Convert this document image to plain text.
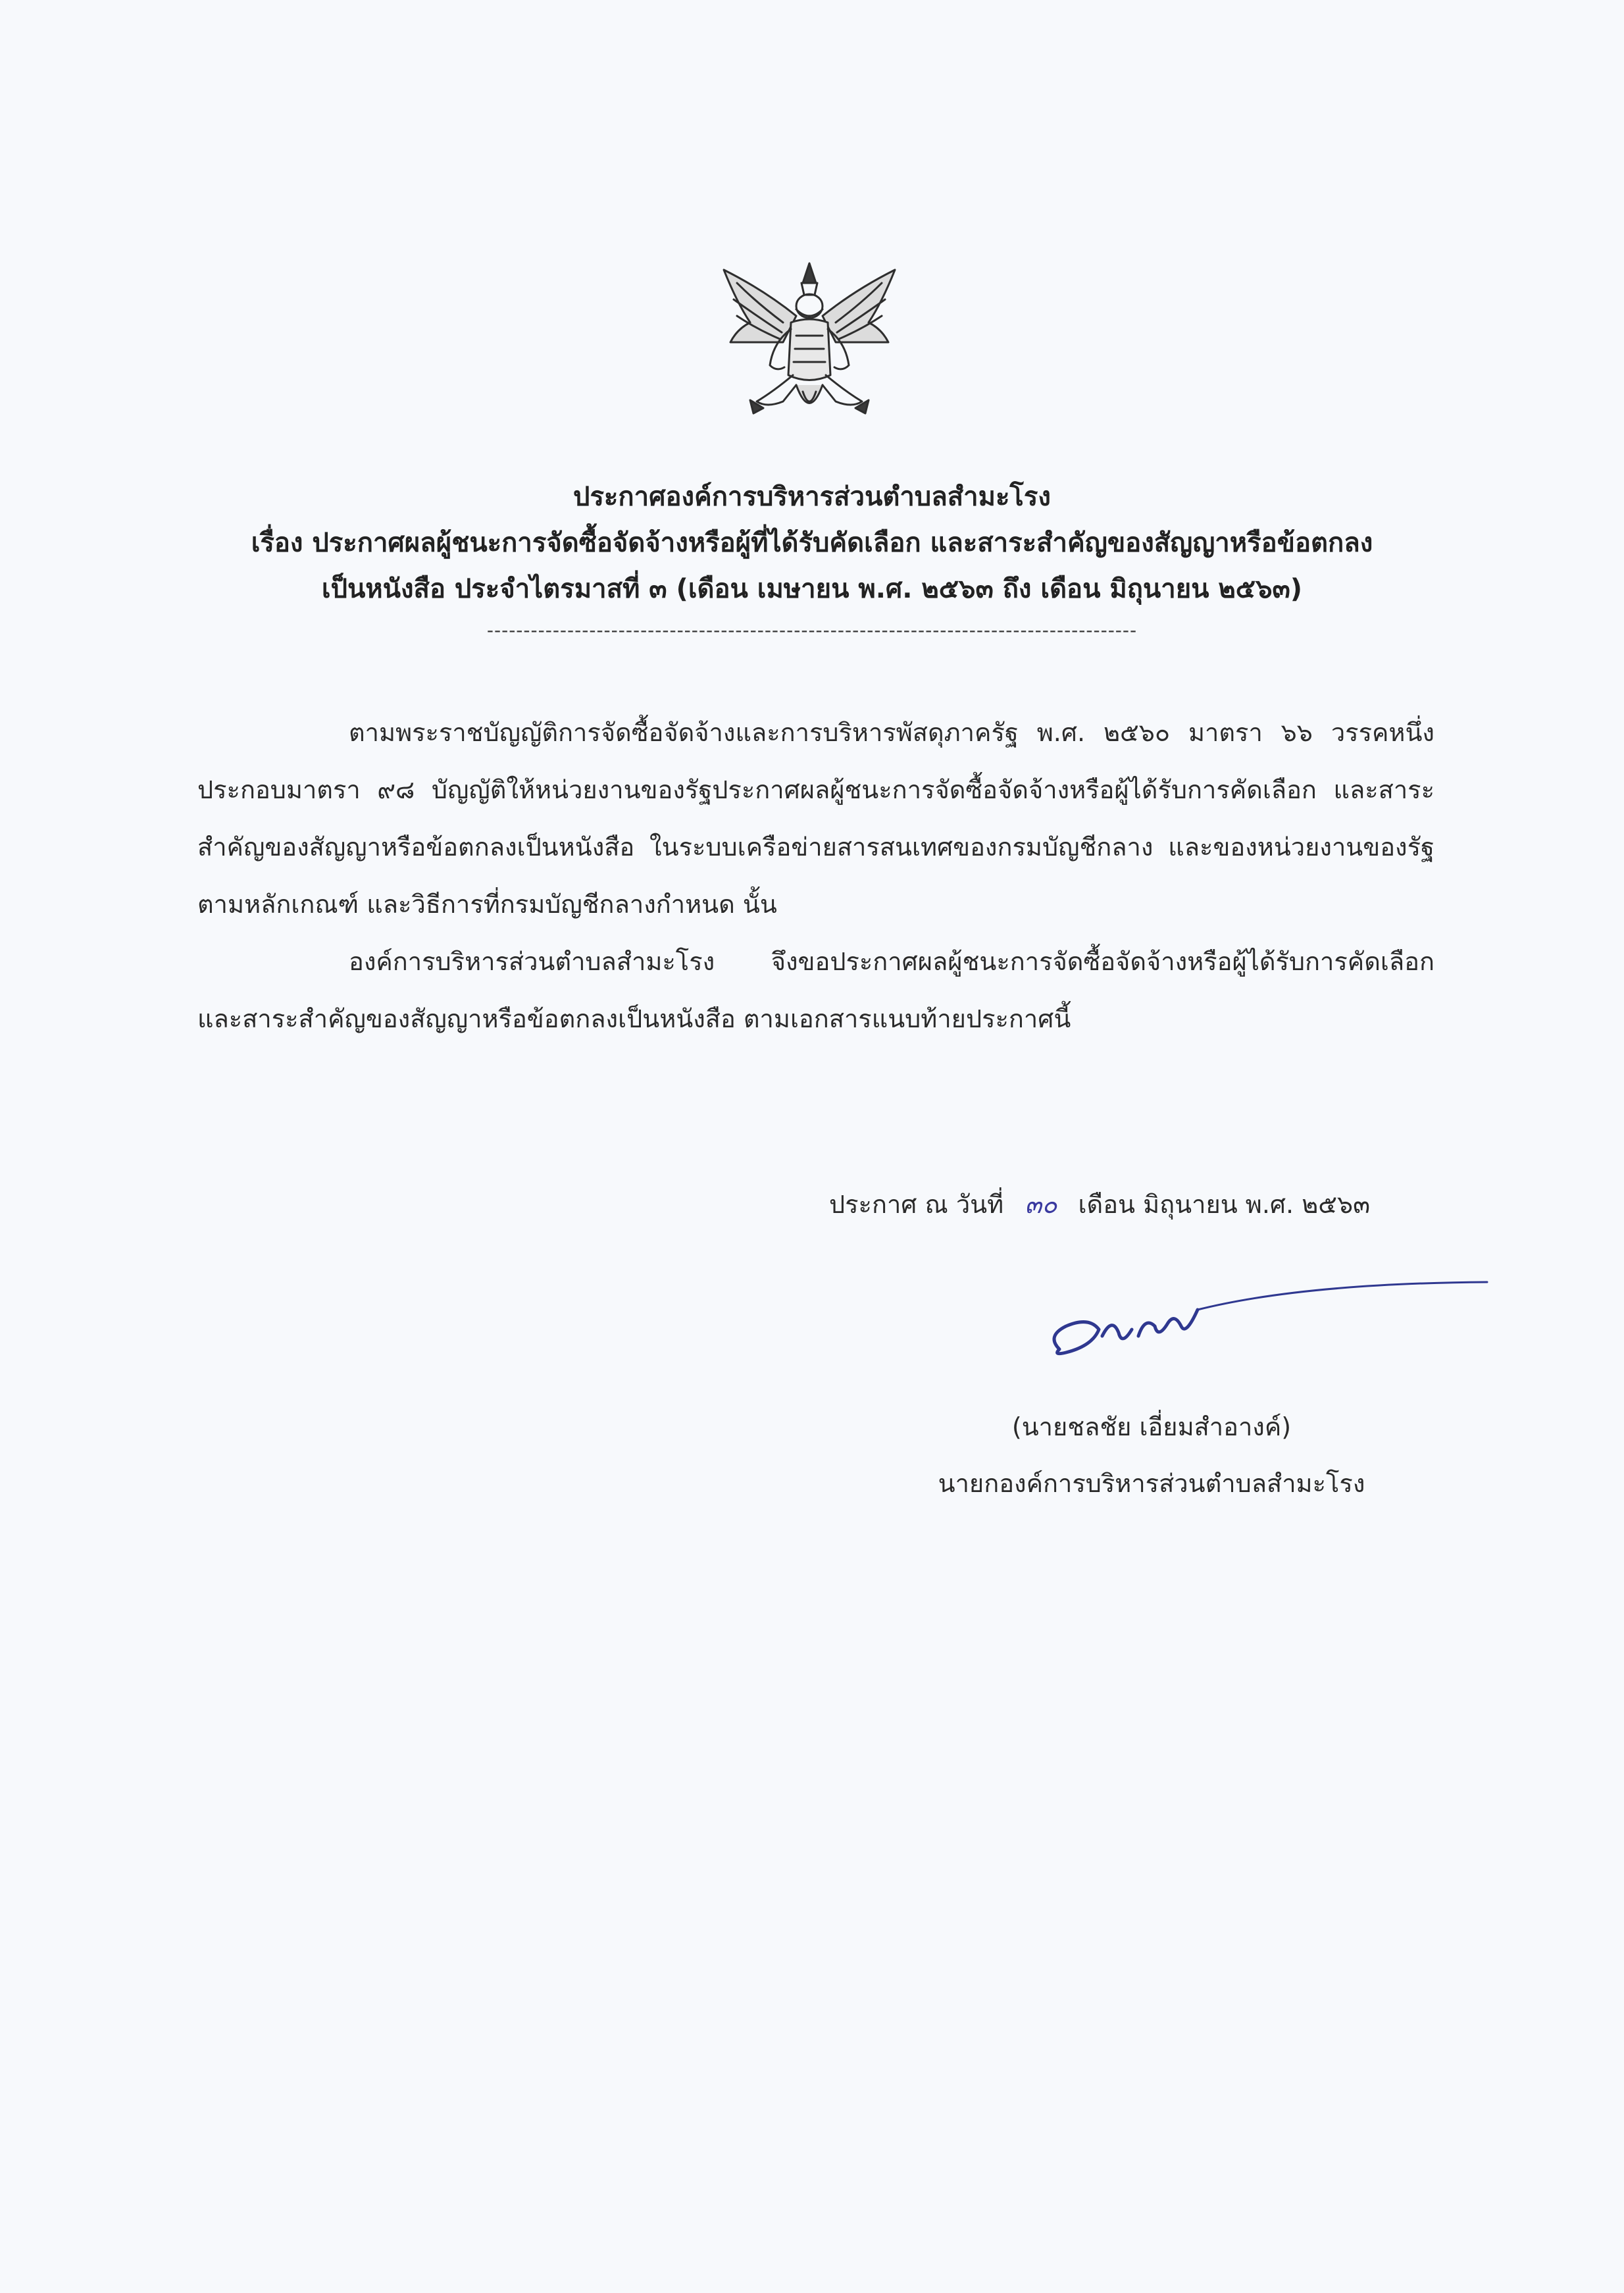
ประกาศองค์การบริหารส่วนตำบลสำมะโรง
เรื่อง ประกาศผลผู้ชนะการจัดซื้อจัดจ้างหรือผู้ที่ได้รับคัดเลือก และสาระสำคัญของสัญญาหรือข้อตกลง
เป็นหนังสือ ประจำไตรมาสที่ ๓ (เดือน เมษายน พ.ศ. ๒๕๖๓ ถึง เดือน มิถุนายน ๒๕๖๓)
-----------------------------------------------------------------------------------------

ตามพระราชบัญญัติการจัดซื้อจัดจ้างและการบริหารพัสดุภาครัฐ พ.ศ. ๒๕๖๐ มาตรา ๖๖ วรรคหนึ่ง ประกอบมาตรา ๙๘ บัญญัติให้หน่วยงานของรัฐประกาศผลผู้ชนะการจัดซื้อจัดจ้างหรือผู้ได้รับการคัดเลือก และสาระสำคัญของสัญญาหรือข้อตกลงเป็นหนังสือ ในระบบเครือข่ายสารสนเทศของกรมบัญชีกลาง และของหน่วยงานของรัฐตามหลักเกณฑ์ และวิธีการที่กรมบัญชีกลางกำหนด นั้น

องค์การบริหารส่วนตำบลสำมะโรง จึงขอประกาศผลผู้ชนะการจัดซื้อจัดจ้างหรือผู้ได้รับการคัดเลือก และสาระสำคัญของสัญญาหรือข้อตกลงเป็นหนังสือ ตามเอกสารแนบท้ายประกาศนี้

ประกาศ ณ วันที่ ๓๐ เดือน มิถุนายน พ.ศ. ๒๕๖๓
(นายชลชัย เอี่ยมสำอางค์)
นายกองค์การบริหารส่วนตำบลสำมะโรง
